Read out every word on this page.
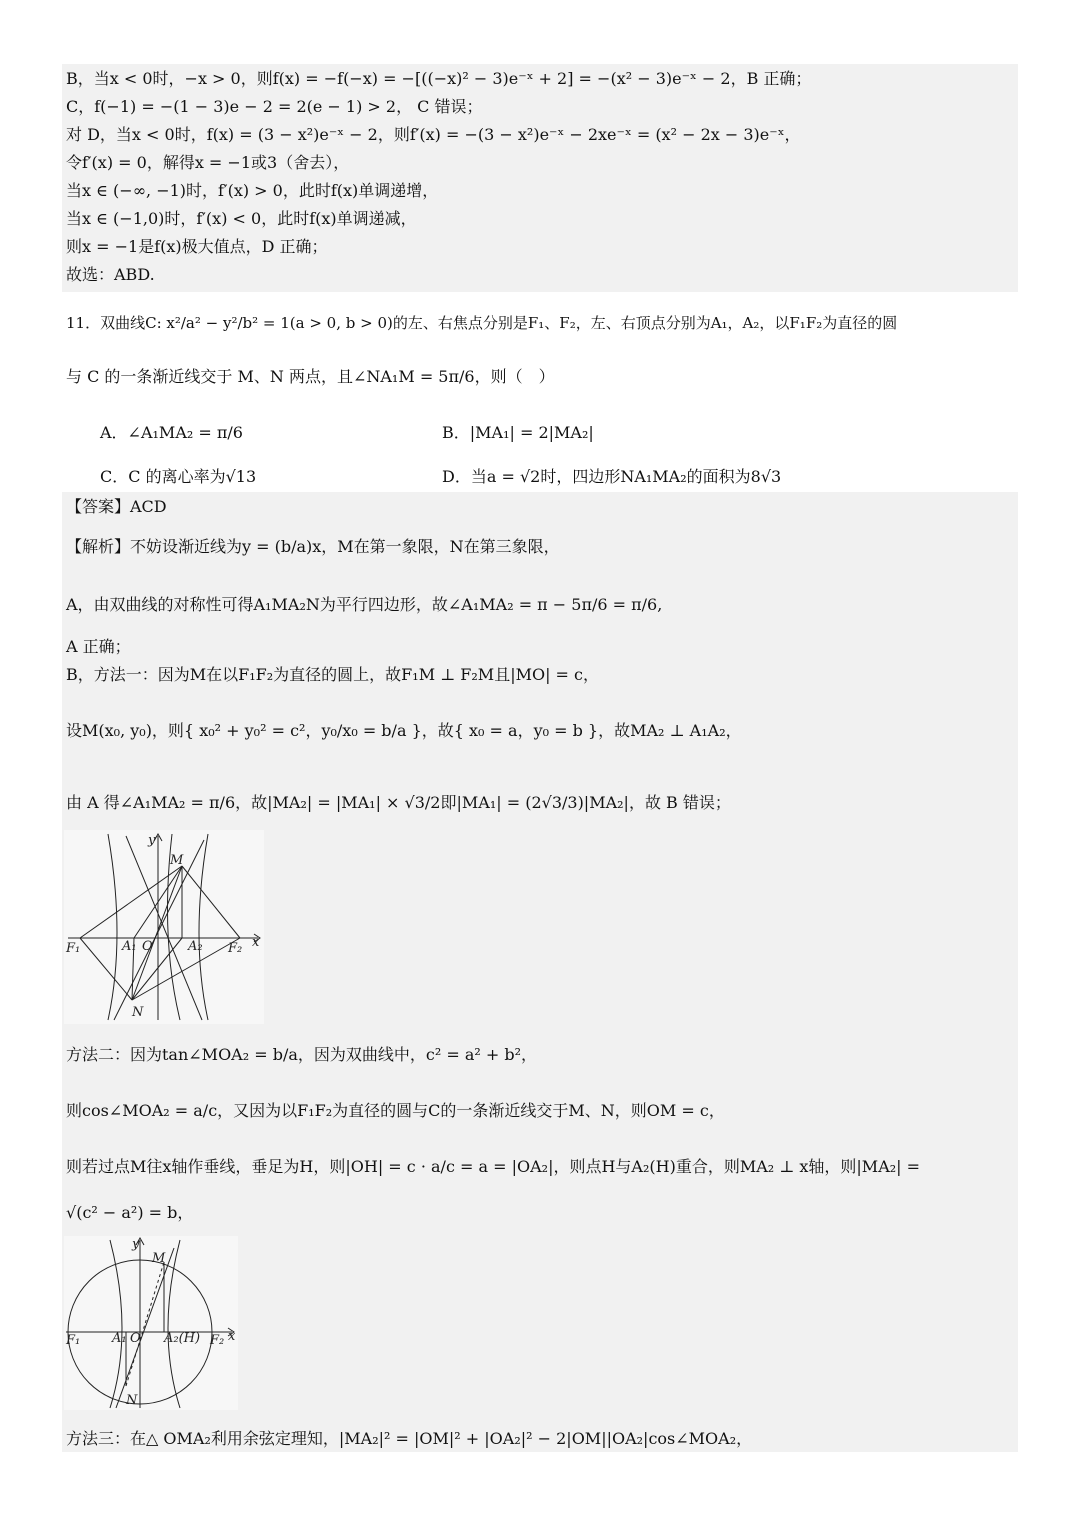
B，当x < 0时，−x > 0，则f(x) = −f(−x) = −[((−x)² − 3)e⁻ˣ + 2] = −(x² − 3)e⁻ˣ − 2，B 正确；
C，f(−1) = −(1 − 3)e − 2 = 2(e − 1) > 2， C 错误；
对 D，当x < 0时，f(x) = (3 − x²)e⁻ˣ − 2，则f′(x) = −(3 − x²)e⁻ˣ − 2xe⁻ˣ = (x² − 2x − 3)e⁻ˣ，
令f′(x) = 0，解得x = −1或3（舍去），
当x ∈ (−∞, −1)时，f′(x) > 0，此时f(x)单调递增，
当x ∈ (−1,0)时，f′(x) < 0，此时f(x)单调递减，
则x = −1是f(x)极大值点，D 正确；
故选：ABD.
11．双曲线C: x²/a² − y²/b² = 1(a > 0, b > 0)的左、右焦点分别是F₁、F₂，左、右顶点分别为A₁，A₂，以F₁F₂为直径的圆
与 C 的一条渐近线交于 M、N 两点，且∠NA₁M = 5π/6，则（　）
A．∠A₁MA₂ = π/6	B．|MA₁| = 2|MA₂|
C．C 的离心率为√13	D．当a = √2时，四边形NA₁MA₂的面积为8√3
【答案】ACD
【解析】不妨设渐近线为y = (b/a)x，M在第一象限，N在第三象限，
A，由双曲线的对称性可得A₁MA₂N为平行四边形，故∠A₁MA₂ = π − 5π/6 = π/6,
A 正确；
B，方法一：因为M在以F₁F₂为直径的圆上，故F₁M ⊥ F₂M且|MO| = c，
设M(x₀, y₀)，则{ x₀² + y₀² = c²，y₀/x₀ = b/a }，故{ x₀ = a，y₀ = b }，故MA₂ ⊥ A₁A₂，
由 A 得∠A₁MA₂ = π/6，故|MA₂| = |MA₁| × √3/2即|MA₁| = (2√3/3)|MA₂|，故 B 错误；
y
x
M
N
F₁	A₁ O	A₂ F₂
方法二：因为tan∠MOA₂ = b/a，因为双曲线中，c² = a² + b²，
则cos∠MOA₂ = a/c，又因为以F₁F₂为直径的圆与C的一条渐近线交于M、N，则OM = c，
则若过点M往x轴作垂线，垂足为H，则|OH| = c · a/c = a = |OA₂|，则点H与A₂(H)重合，则MA₂ ⊥ x轴，则|MA₂| =
√(c² − a²) = b，
y
x
M
N
F₁ A₁ O A₂(H) F₂
方法三：在△ OMA₂利用余弦定理知，|MA₂|² = |OM|² + |OA₂|² − 2|OM||OA₂|cos∠MOA₂，
